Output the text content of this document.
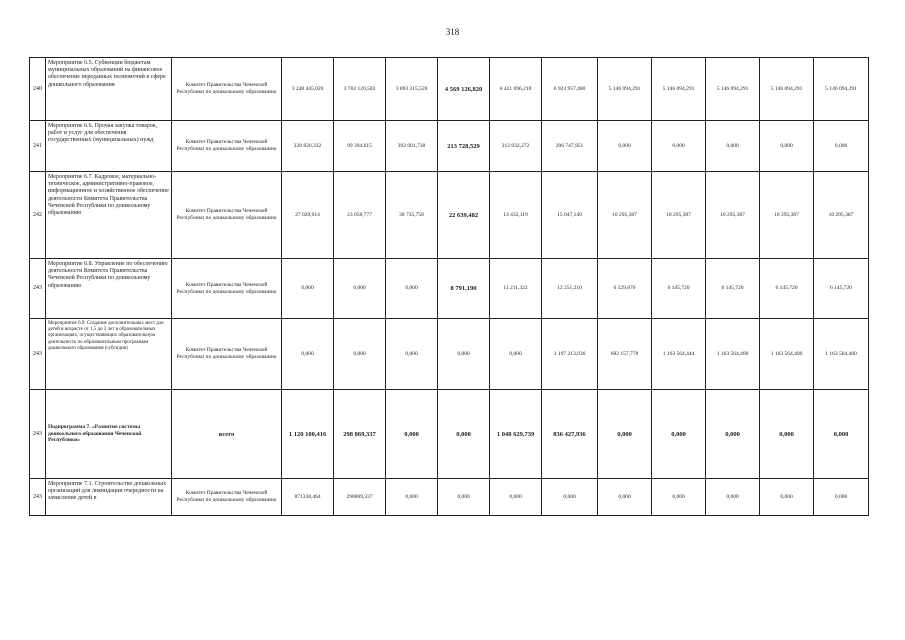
318
240	Мероприятие 6.5. Субвенции бюджетам муниципальных образований на финансовое обеспечение переданных полномочий в сфере дошкольного образования	Комитет Правительства Чеченской Республики по дошкольному образованию	3 248 445,020	3 702 120,583	3 893 215,528	4 569 126,820	6 421 096,218	6 923 957,480	5 146 094,291	5 146 094,291	5 146 094,291	5 146 094,291	5 146 094,291
241	Мероприятие 6.6. Прочая закупка товаров, работ и услуг для обеспечения государственных (муниципальных) нужд	Комитет Правительства Чеченской Республики по дошкольному образованию	228 820,332	99 394,615	392 001,738	213 728,529	212 032,272	206 747,951	0,000	0,000	0,000	0,000	0,000
242	Мероприятие 6.7. Кадровое, материально-техническое, административно-правовое, информационное и хозяйственное обеспечение деятельности Комитета Правительства Чеченской Республики по дошкольному образованию	Комитет Правительства Чеченской Республики по дошкольному образованию	27 029,914	23 058,777	38 735,758	22 639,482	13 432,119	15 047,149	10 295,387	10 295,387	10 295,387	10 295,387	10 295,387
243	Мероприятие 6.8. Управление по обеспечению деятельности Комитета Правительства Чеченской Республики по дошкольному образованию	Комитет Правительства Чеченской Республики по дошкольному образованию	0,000	0,000	0,000	8 791,190	11 211,322	12 251,210	6 129,876	6 145,720	6 145,720	6 145,720	6 145,720
243	Мероприятие 6.9. Создание дополнительных мест для детей в возрасте от 1,5 до 3 лет в образовательных организациях, осуществляющих образовательную деятельность по образовательным программам дошкольного образования (субсидия)	Комитет Правительства Чеченской Республики по дошкольному образованию	0,000	0,000	0,000	0,000	0,000	1 197 213,036	682 157,778	1 163 564,444	1 163 564,400	1 163 564,400	1 163 564,400
243	Подпрограмма 7. «Развитие системы дошкольного образования Чеченской Республики»	всего	1 120 100,416	298 869,337	0,000	0,000	1 048 629,739	836 427,936	0,000	0,000	0,000	0,000	0,000
243	Мероприятие 7.1. Строительство дошкольных организаций для ликвидации очередности на зачисление детей в	Комитет Правительства Чеченской Республики по дошкольному образованию	871338,464	298869,337	0,000	0,000	0,000	0,000	0,000	0,000	0,000	0,000	0,000
